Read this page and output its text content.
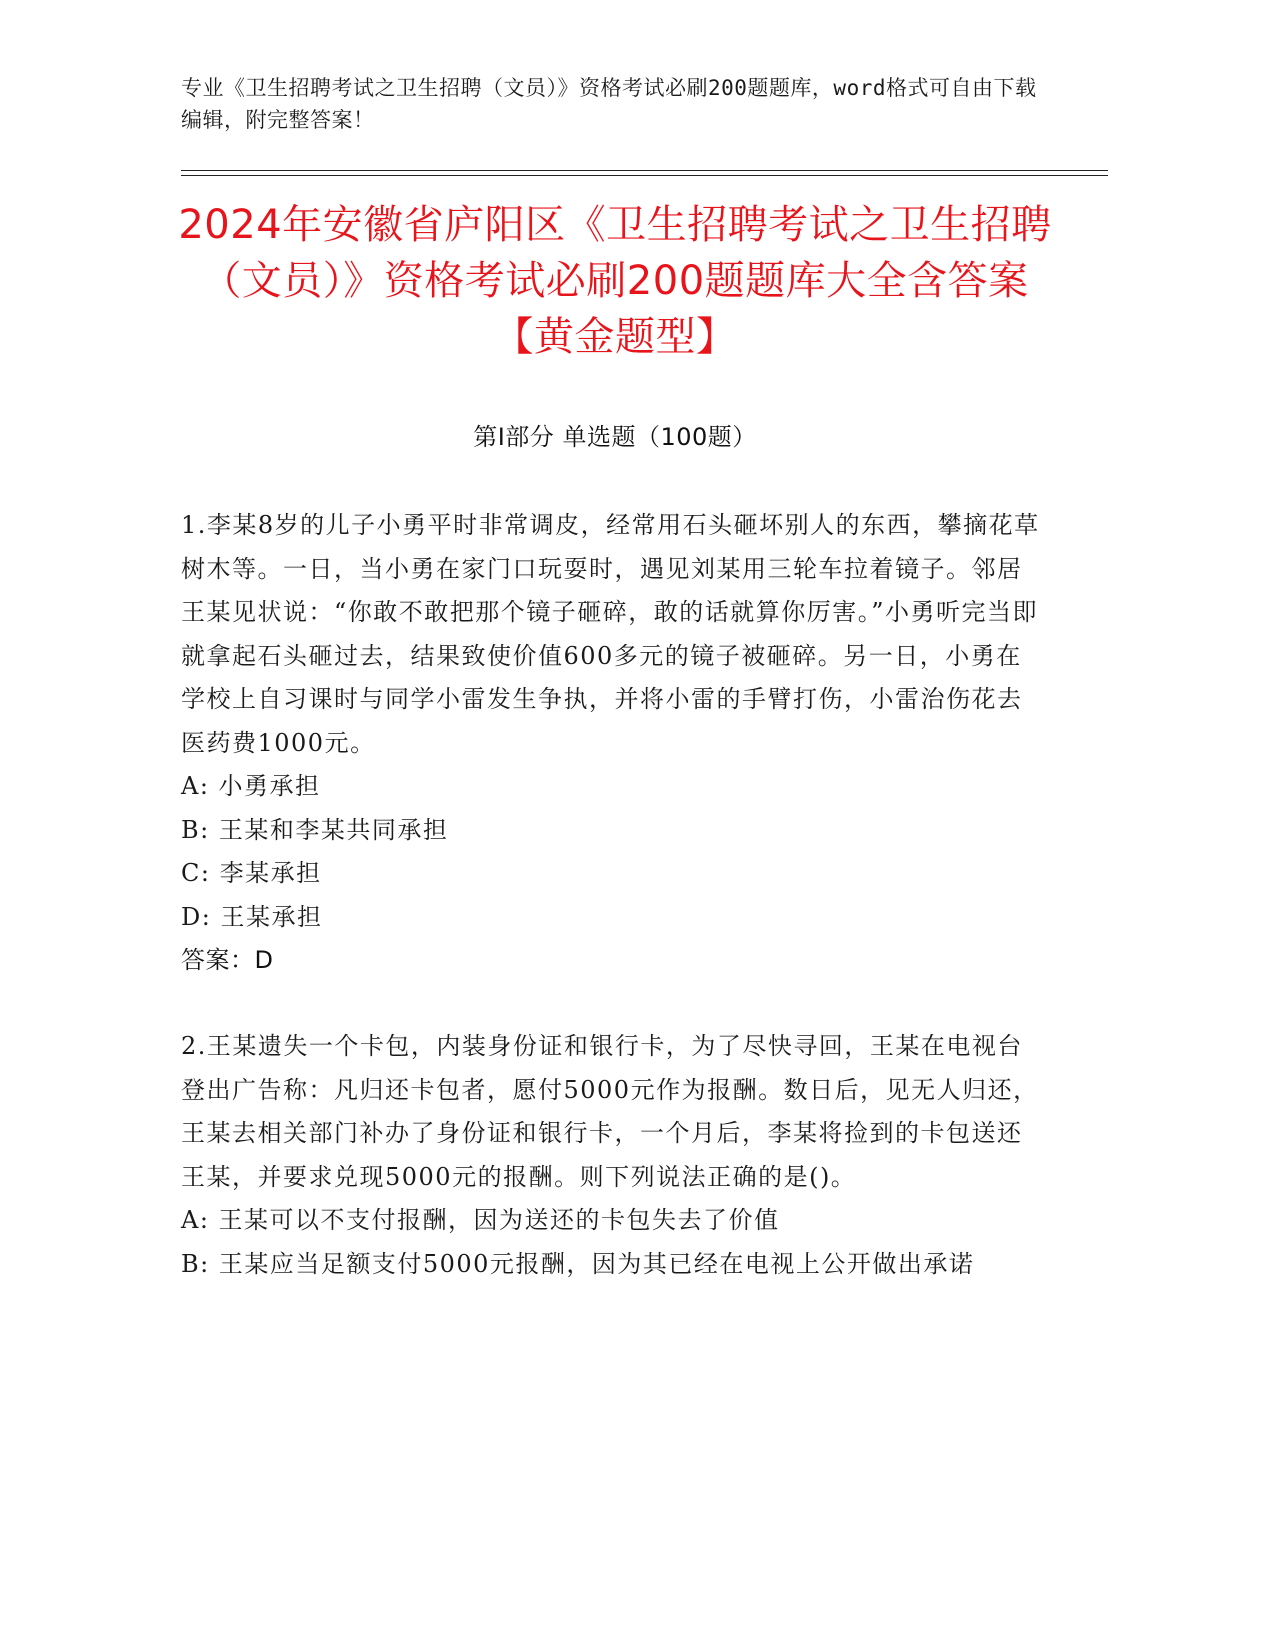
专业《卫生招聘考试之卫生招聘（文员）》资格考试必刷200题题库，word格式可自由下载编辑，附完整答案！
2024年安徽省庐阳区《卫生招聘考试之卫生招聘（文员）》资格考试必刷200题题库大全含答案【黄金题型】
第Ⅰ部分 单选题（100题）

1.李某8岁的儿子小勇平时非常调皮，经常用石头砸坏别人的东西，攀摘花草树木等。一日，当小勇在家门口玩耍时，遇见刘某用三轮车拉着镜子。邻居王某见状说：“你敢不敢把那个镜子砸碎，敢的话就算你厉害。”小勇听完当即就拿起石头砸过去，结果致使价值600多元的镜子被砸碎。另一日，小勇在学校上自习课时与同学小雷发生争执，并将小雷的手臂打伤，小雷治伤花去医药费1000元。

A: 小勇承担

B: 王某和李某共同承担

C: 李某承担

D: 王某承担

答案：D

2.王某遗失一个卡包，内装身份证和银行卡，为了尽快寻回，王某在电视台登出广告称：凡归还卡包者，愿付5000元作为报酬。数日后，见无人归还，王某去相关部门补办了身份证和银行卡，一个月后，李某将捡到的卡包送还王某，并要求兑现5000元的报酬。则下列说法正确的是()。

A: 王某可以不支付报酬，因为送还的卡包失去了价值

B: 王某应当足额支付5000元报酬，因为其已经在电视上公开做出承诺
